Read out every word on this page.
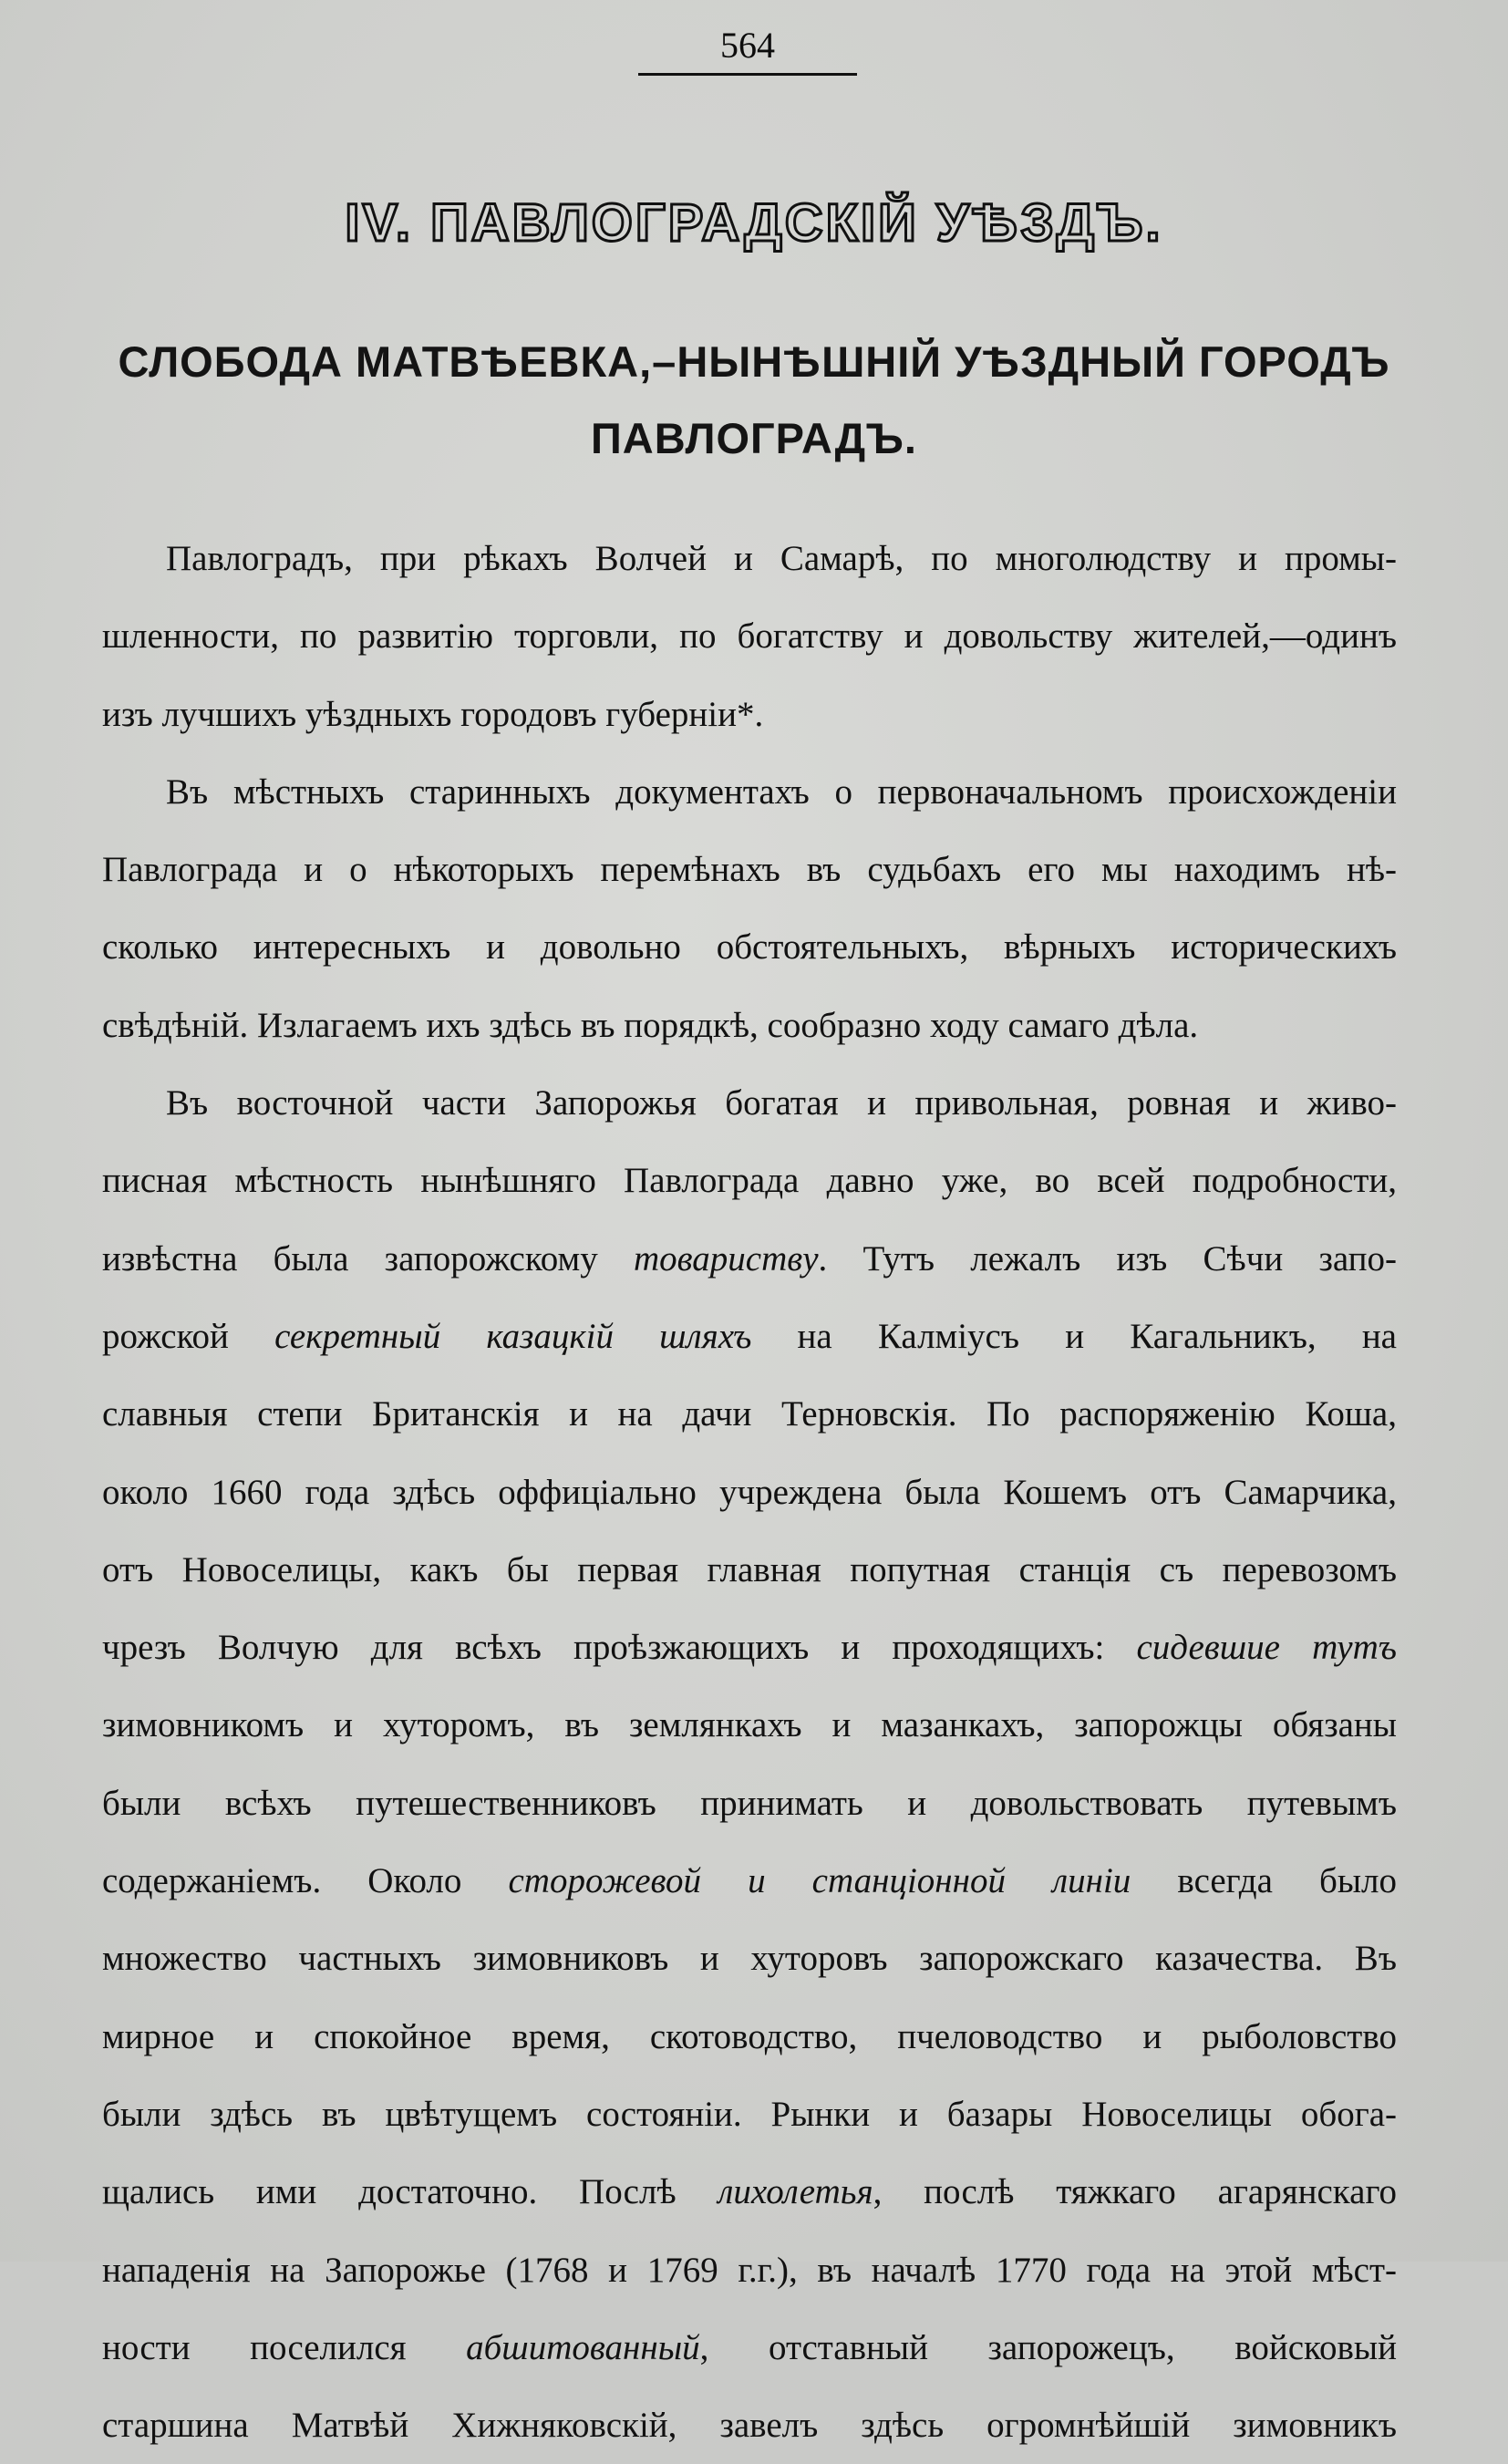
564
IV. ПАВЛОГРАДСКІЙ УѢЗДЪ.
СЛОБОДА МАТВѢЕВКА,–НЫНѢШНІЙ УѢЗДНЫЙ ГОРОДЪ
ПАВЛОГРАДЪ.
Павлоградъ, при рѣкахъ Волчей и Самарѣ, по многолюдству и промы-
шленности, по развитію торговли, по богатству и довольству жителей,—одинъ
изъ лучшихъ уѣздныхъ городовъ губерніи*.
Въ мѣстныхъ старинныхъ документахъ о первоначальномъ происхожденіи
Павлограда и о нѣкоторыхъ перемѣнахъ въ судьбахъ его мы находимъ нѣ-
сколько интересныхъ и довольно обстоятельныхъ, вѣрныхъ историческихъ
свѣдѣній. Излагаемъ ихъ здѣсь въ порядкѣ, сообразно ходу самаго дѣла.
Въ восточной части Запорожья богатая и привольная, ровная и живо-
писная мѣстность нынѣшняго Павлограда давно уже, во всей подробности,
извѣстна была запорожскому товариству. Тутъ лежалъ изъ Сѣчи запо-
рожской секретный казацкій шляхъ на Калміусъ и Кагальникъ, на
славныя степи Британскія и на дачи Терновскія. По распоряженію Коша,
около 1660 года здѣсь оффиціально учреждена была Кошемъ отъ Самарчика,
отъ Новоселицы, какъ бы первая главная попутная станція съ перевозомъ
чрезъ Волчую для всѣхъ проѣзжающихъ и проходящихъ: сидевшие тутъ
зимовникомъ и хуторомъ, въ землянкахъ и мазанкахъ, запорожцы обязаны
были всѣхъ путешественниковъ принимать и довольствовать путевымъ
содержаніемъ. Около сторожевой и станціонной линіи всегда было
множество частныхъ зимовниковъ и хуторовъ запорожскаго казачества. Въ
мирное и спокойное время, скотоводство, пчеловодство и рыболовство
были здѣсь въ цвѣтущемъ состояніи. Рынки и базары Новоселицы обога-
щались ими достаточно. Послѣ лихолетья, послѣ тяжкаго агарянскаго
нападенія на Запорожье (1768 и 1769 г.г.), въ началѣ 1770 года на этой мѣст-
ности поселился абшитованный, отставный запорожецъ, войсковый
старшина Матвѣй Хижняковскій, завелъ здѣсь огромнѣйшій зимовникъ
